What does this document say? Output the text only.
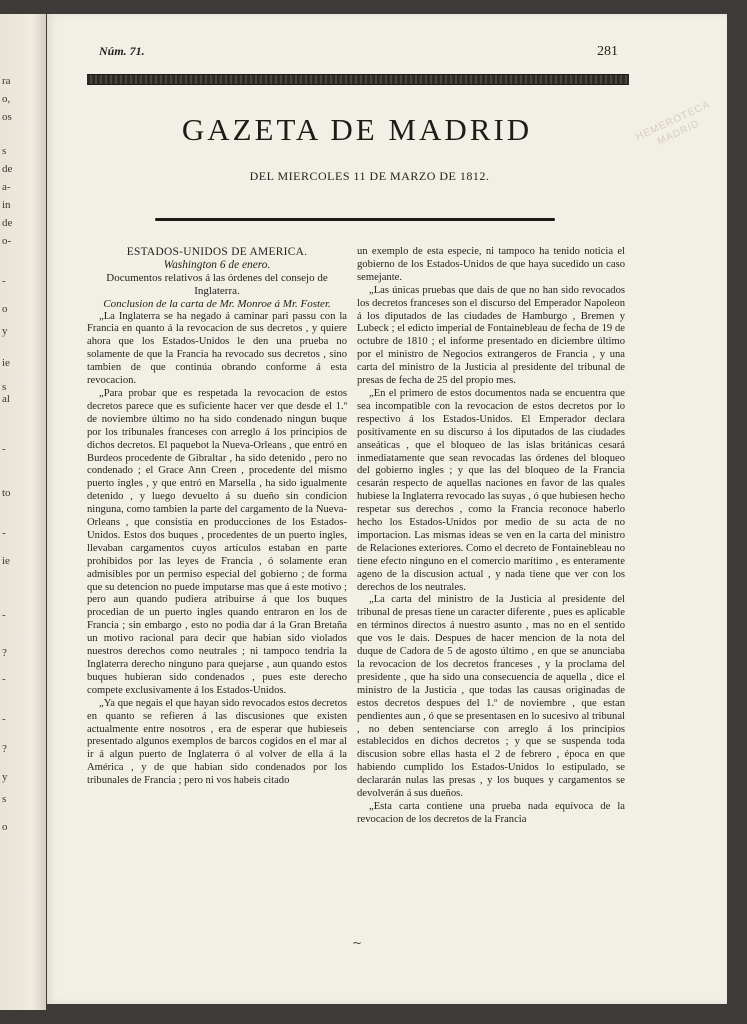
ra
o,
os
s
de
a-
in
de
o-
-
o
y
ie
s
al
-
to
-
ie
-
?
-
-
?
y
s
o
Núm. 71.	281
GAZETA DE MADRID	HEMEROTECA MADRID
DEL MIERCOLES 11 DE MARZO DE 1812.

ESTADOS-UNIDOS DE AMERICA.

Washington 6 de enero.

Documentos relativos á las órdenes del consejo de Inglaterra.

Conclusion de la carta de Mr. Monroe á Mr. Foster.

„La Inglaterra se ha negado á caminar pari passu con la Francia en quanto á la revocacion de sus decretos , y quiere ahora que los Estados-Unidos le den una prueba no solamente de que la Francia ha revocado sus decretos , sino tambien de que continúa obrando conforme á esta revocacion.

„Para probar que es respetada la revocacion de estos decretos parece que es suficiente hacer ver que desde el 1.º de noviembre último no ha sido condenado ningun buque por los tribunales franceses con arreglo á los principios de dichos decretos. El paquebot la Nueva-Orleans , que entró en Burdeos procedente de Gibraltar , ha sido detenido , pero no condenado ; el Grace Ann Creen , procedente del mismo puerto ingles , y que entró en Marsella , ha sido igualmente detenido , y luego devuelto á su dueño sin condicion ninguna, como tambien la parte del cargamento de la Nueva-Orleans , que consistia en producciones de los Estados-Unidos. Estos dos buques , procedentes de un puerto ingles, llevaban cargamentos cuyos artículos estaban en parte prohibidos por las leyes de Francia , ó solamente eran admisibles por un permiso especial del gobierno ; de forma que su detencion no puede imputarse mas que á este motivo ; pero aun quando pudiera atribuirse á que los buques procedian de un puerto ingles quando entraron en los de Francia ; sin embargo , esto no podia dar á la Gran Bretaña un motivo racional para decir que habian sido violados nuestros derechos como neutrales ; ni tampoco tendria la Inglaterra derecho ninguno para quejarse , aun quando estos buques hubieran sido condenados , pues este derecho compete exclusivamente á los Estados-Unidos.

„Ya que negais el que hayan sido revocados estos decretos en quanto se refieren á las discusiones que existen actualmente entre nosotros , era de esperar que hubieseis presentado algunos exemplos de barcos cogidos en el mar al ir á algun puerto de Inglaterra ó al volver de ella á la América , y de que habian sido condenados por los tribunales de Francia ; pero ni vos habeis citado

un exemplo de esta especie, ni tampoco ha tenido noticia el gobierno de los Estados-Unidos de que haya sucedido un caso semejante.

„Las únicas pruebas que dais de que no han sido revocados los decretos franceses son el discurso del Emperador Napoleon á los diputados de las ciudades de Hamburgo , Bremen y Lubeck ; el edicto imperial de Fontainebleau de fecha de 19 de octubre de 1810 ; el informe presentado en diciembre último por el ministro de Negocios extrangeros de Francia , y una carta del ministro de la Justicia al presidente del tribunal de presas de fecha de 25 del propio mes.

„En el primero de estos documentos nada se encuentra que sea incompatible con la revocacion de estos decretos por lo respectivo á los Estados-Unidos. El Emperador declara positivamente en su discurso á los diputados de las ciudades anseáticas , que el bloqueo de las islas británicas cesará inmediatamente que sean revocadas las órdenes del bloqueo del gobierno ingles ; y que las del bloqueo de la Francia cesarán respecto de aquellas naciones en favor de las quales hubiese la Inglaterra revocado las suyas , ó que hubiesen hecho respetar sus derechos , como la Francia reconoce haberlo hecho los Estados-Unidos por medio de su acta de no importacion. Las mismas ideas se ven en la carta del ministro de Relaciones exteriores. Como el decreto de Fontainebleau no tiene efecto ninguno en el comercio marítimo , es enteramente ageno de la discusion actual , y nada tiene que ver con los derechos de los neutrales.

„La carta del ministro de la Justicia al presidente del tribunal de presas tiene un caracter diferente , pues es aplicable en términos directos á nuestro asunto , mas no en el sentido que vos le dais. Despues de hacer mencion de la nota del duque de Cadora de 5 de agosto último , en que se anunciaba la revocacion de los decretos franceses , y la proclama del presidente , que ha sido una consecuencia de aquella , dice el ministro de la Justicia , que todas las causas originadas de estos decretos despues del 1.º de noviembre , que estan pendientes aun , ó que se presentasen en lo sucesivo al tribunal , no deben sentenciarse con arreglo á los principios establecidos en dichos decretos ; y que se suspenda toda discusion sobre ellas hasta el 2 de febrero , época en que habiendo cumplido los Estados-Unidos lo estipulado, se declararán nulas las presas , y los buques y cargamentos se devolverán á sus dueños.

„Esta carta contiene una prueba nada equívoca de la revocacion de los decretos de la Francia

~
